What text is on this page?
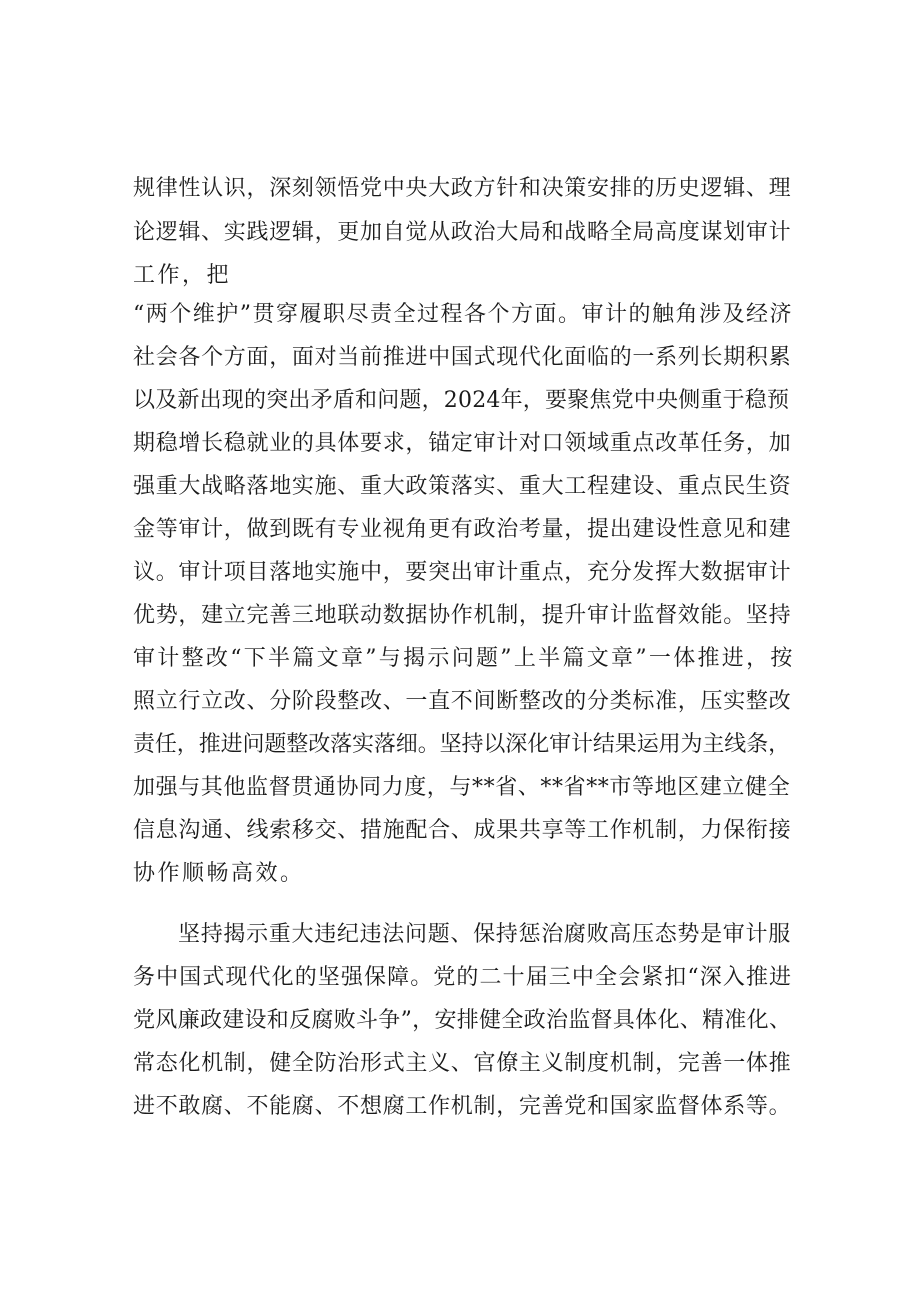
规律性认识，深刻领悟党中央大政方针和决策安排的历史逻辑、理

论逻辑、实践逻辑，更加自觉从政治大局和战略全局高度谋划审计

工作，把

“两个维护”贯穿履职尽责全过程各个方面。审计的触角涉及经济

社会各个方面，面对当前推进中国式现代化面临的一系列长期积累

以及新出现的突出矛盾和问题，2024年，要聚焦党中央侧重于稳预

期稳增长稳就业的具体要求，锚定审计对口领域重点改革任务，加

强重大战略落地实施、重大政策落实、重大工程建设、重点民生资

金等审计，做到既有专业视角更有政治考量，提出建设性意见和建

议。审计项目落地实施中，要突出审计重点，充分发挥大数据审计

优势，建立完善三地联动数据协作机制，提升审计监督效能。坚持

审计整改“下半篇文章”与揭示问题”上半篇文章”一体推进，按

照立行立改、分阶段整改、一直不间断整改的分类标准，压实整改

责任，推进问题整改落实落细。坚持以深化审计结果运用为主线条，

加强与其他监督贯通协同力度，与**省、**省**市等地区建立健全

信息沟通、线索移交、措施配合、成果共享等工作机制，力保衔接

协作顺畅高效。

坚持揭示重大违纪违法问题、保持惩治腐败高压态势是审计服

务中国式现代化的坚强保障。党的二十届三中全会紧扣“深入推进

党风廉政建设和反腐败斗争”，安排健全政治监督具体化、精准化、

常态化机制，健全防治形式主义、官僚主义制度机制，完善一体推

进不敢腐、不能腐、不想腐工作机制，完善党和国家监督体系等。
